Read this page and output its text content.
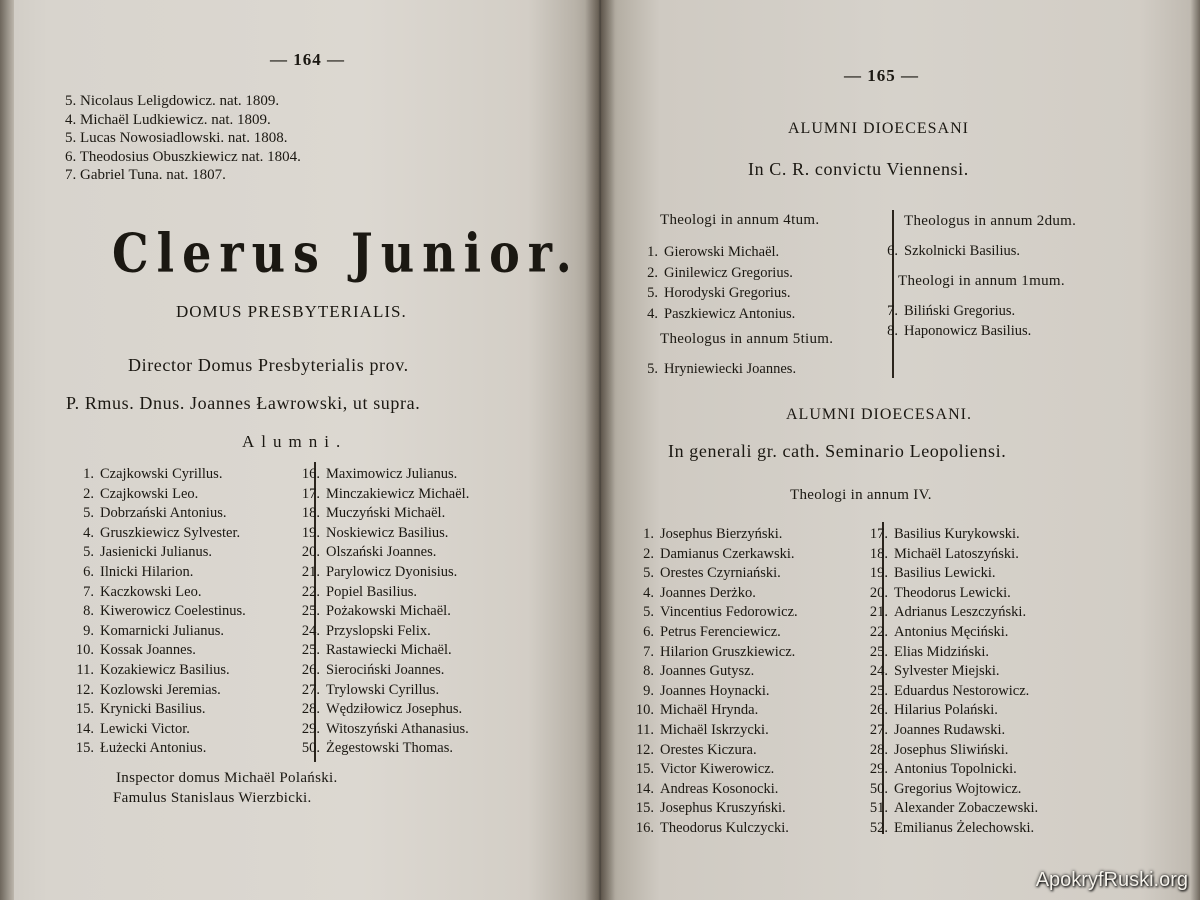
— 164 —
5. Nicolaus Leligdowicz. nat. 1809.
4. Michaël Ludkiewicz. nat. 1809.
5. Lucas Nowosiadlowski. nat. 1808.
6. Theodosius Obuszkiewicz nat. 1804.
7. Gabriel Tuna. nat. 1807.
Clerus Junior.
DOMUS PRESBYTERIALIS.
Director Domus Presbyterialis prov.
P. Rmus. Dnus. Joannes Ławrowski, ut supra.
Alumni.
1. Czajkowski Cyrillus.
2. Czajkowski Leo.
5. Dobrzański Antonius.
4. Gruszkiewicz Sylvester.
5. Jasienicki Julianus.
6. Ilnicki Hilarion.
7. Kaczkowski Leo.
8. Kiwerowicz Coelestinus.
9. Komarnicki Julianus.
10. Kossak Joannes.
11. Kozakiewicz Basilius.
12. Kozlowski Jeremias.
15. Krynicki Basilius.
14. Lewicki Victor.
15. Łużecki Antonius.
16. Maximowicz Julianus.
17. Minczakiewicz Michaël.
18. Muczyński Michaël.
19. Noskiewicz Basilius.
20. Olszański Joannes.
21. Parylowicz Dyonisius.
22. Popiel Basilius.
25. Pożakowski Michaël.
24. Przyslopski Felix.
25. Rastawiecki Michaël.
26. Sierociński Joannes.
27. Trylowski Cyrillus.
28. Wędziłowicz Josephus.
29. Witoszyński Athanasius.
50. Żegestowski Thomas.
Inspector domus Michaël Polański.
Famulus Stanislaus Wierzbicki.
— 165 —
ALUMNI DIOECESANI
In C. R. convictu Viennensi.
Theologi in annum 4tum.
1. Gierowski Michaël.
2. Ginilewicz Gregorius.
5. Horodyski Gregorius.
4. Paszkiewicz Antonius.
Theologus in annum 5tium.
5. Hryniewiecki Joannes.
Theologus in annum 2dum.
6. Szkolnicki Basilius.
Theologi in annum 1mum.
7. Biliński Gregorius.
8. Haponowicz Basilius.
ALUMNI DIOECESANI.
In generali gr. cath. Seminario Leopoliensi.
Theologi in annum IV.
1. Josephus Bierzyński.
2. Damianus Czerkawski.
5. Orestes Czyrniański.
4. Joannes Derżko.
5. Vincentius Fedorowicz.
6. Petrus Ferenciewicz.
7. Hilarion Gruszkiewicz.
8. Joannes Gutysz.
9. Joannes Hoynacki.
10. Michaël Hrynda.
11. Michaël Iskrzycki.
12. Orestes Kiczura.
15. Victor Kiwerowicz.
14. Andreas Kosonocki.
15. Josephus Kruszyński.
16. Theodorus Kulczycki.
17. Basilius Kurykowski.
18. Michaël Latoszyński.
19. Basilius Lewicki.
20. Theodorus Lewicki.
21. Adrianus Leszczyński.
22. Antonius Męciński.
25. Elias Midziński.
24. Sylvester Miejski.
25. Eduardus Nestorowicz.
26. Hilarius Polański.
27. Joannes Rudawski.
28. Josephus Sliwiński.
29. Antonius Topolnicki.
50. Gregorius Wojtowicz.
51. Alexander Zobaczewski.
52. Emilianus Żelechowski.
ApokryfRuski.org
